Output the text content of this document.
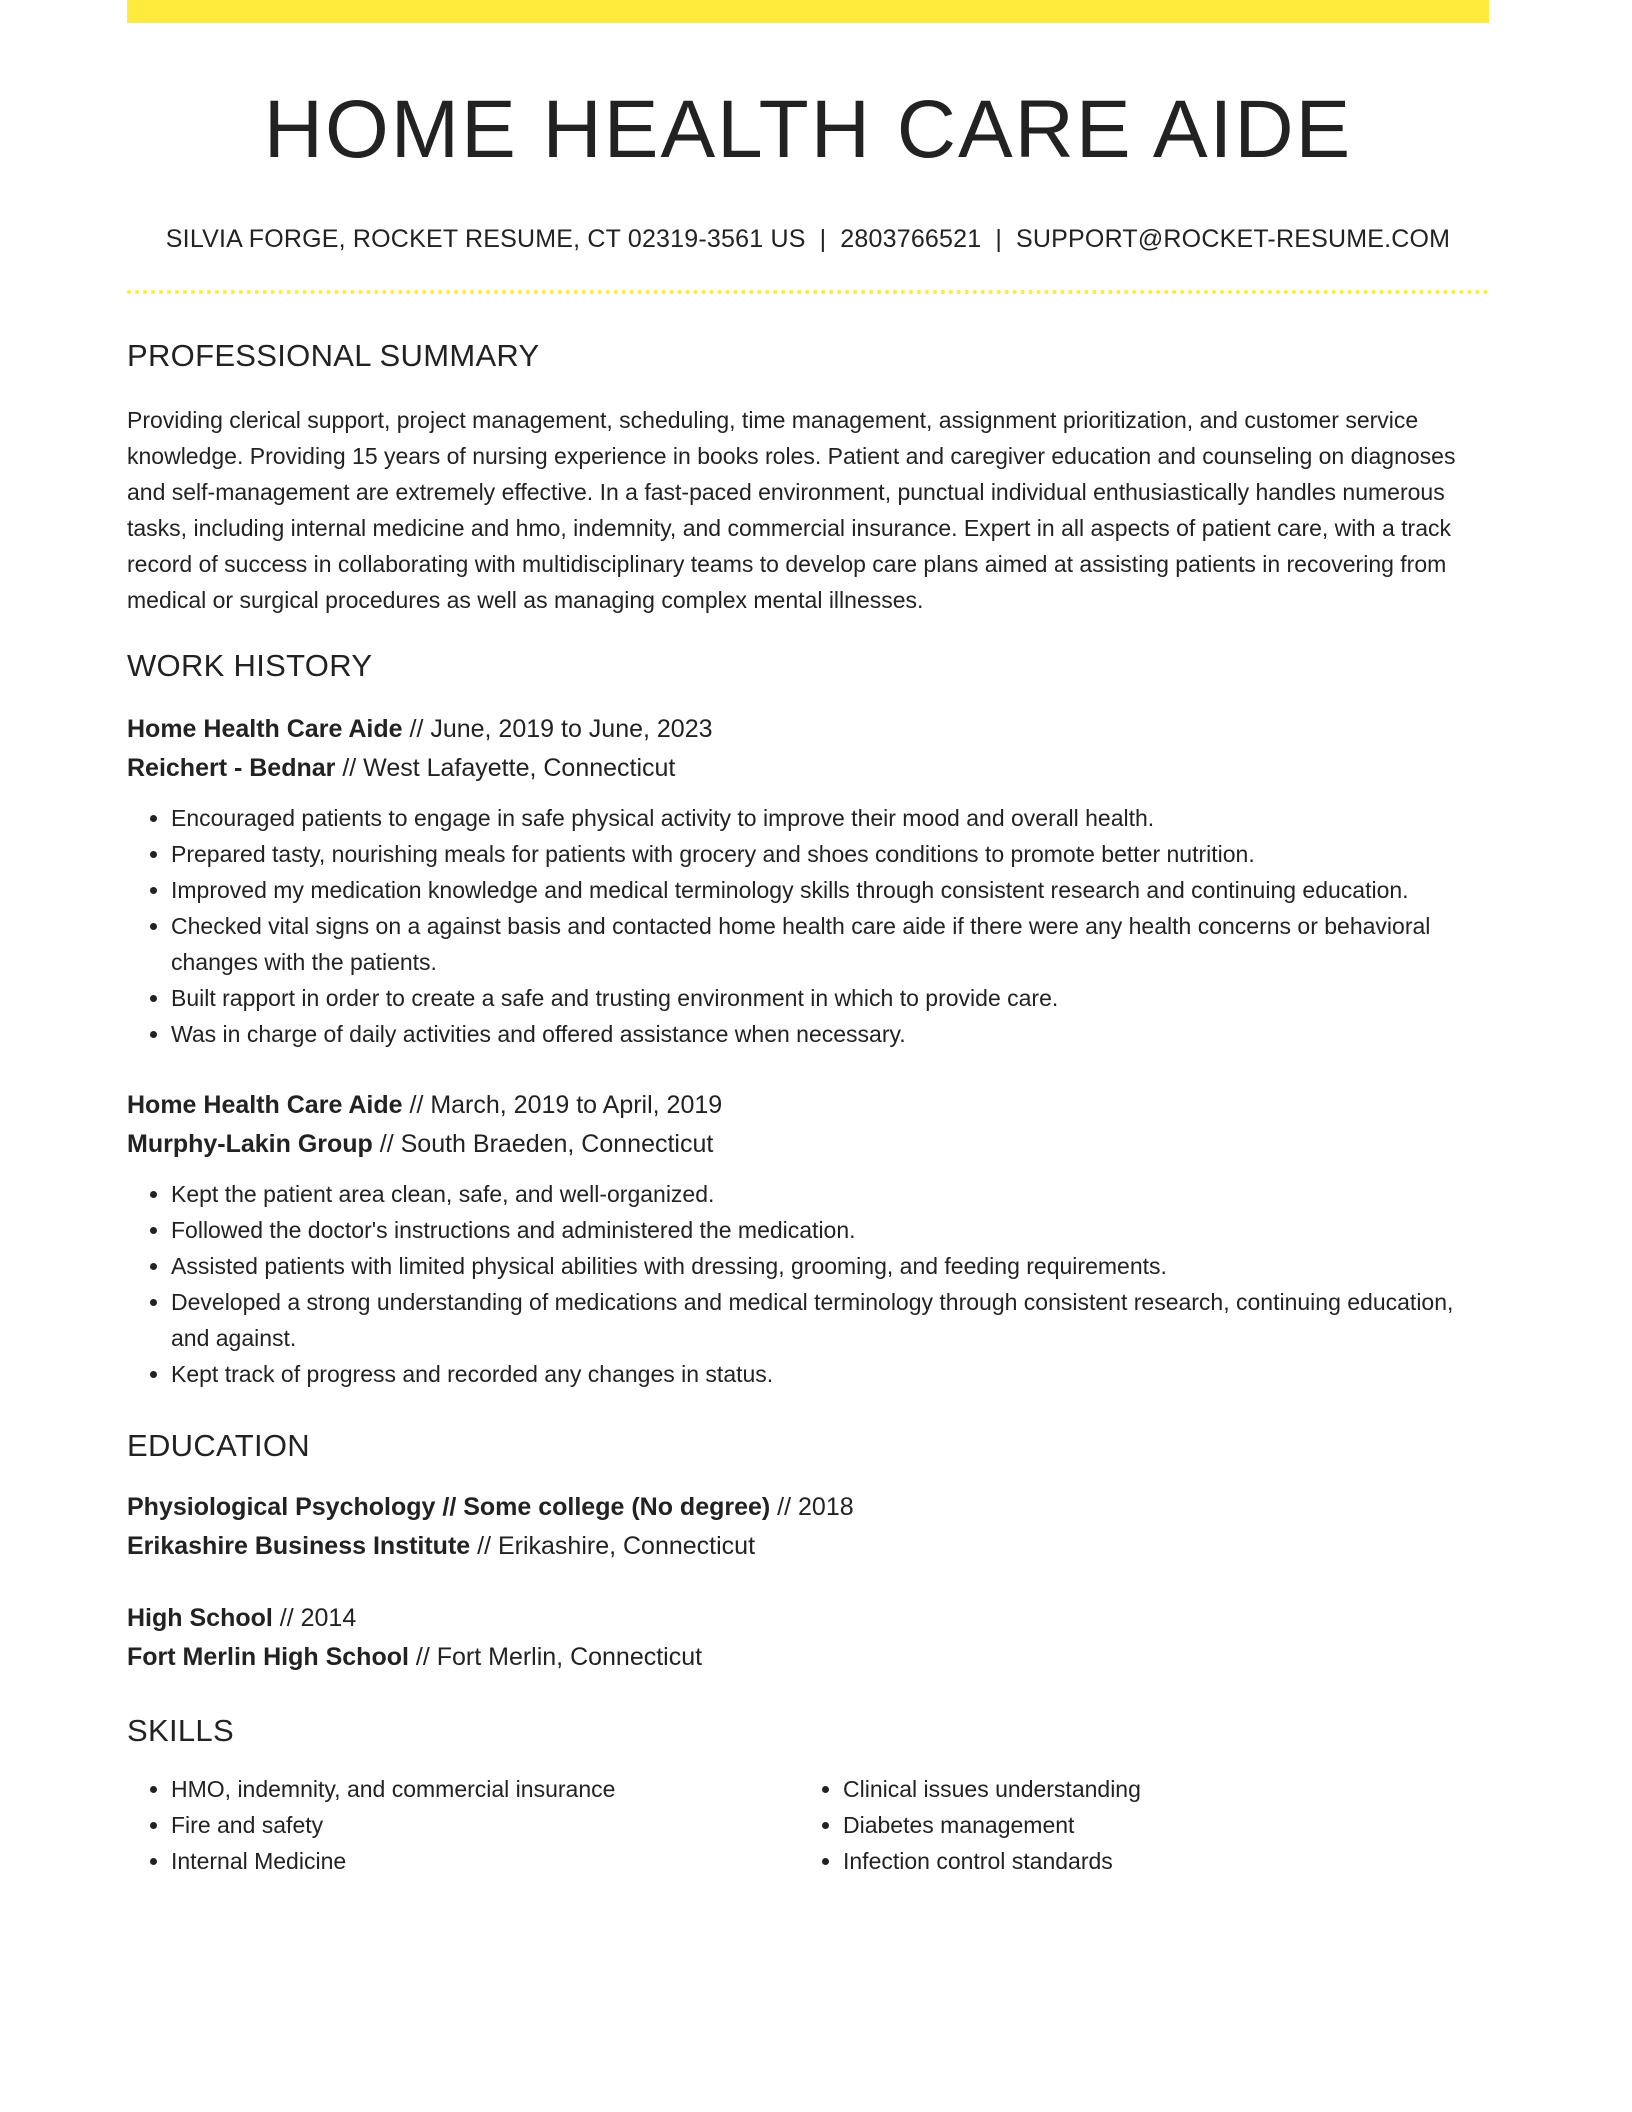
HOME HEALTH CARE AIDE
SILVIA FORGE, ROCKET RESUME, CT 02319-3561 US | 2803766521 | SUPPORT@ROCKET-RESUME.COM
PROFESSIONAL SUMMARY
Providing clerical support, project management, scheduling, time management, assignment prioritization, and customer service knowledge. Providing 15 years of nursing experience in books roles. Patient and caregiver education and counseling on diagnoses and self-management are extremely effective. In a fast-paced environment, punctual individual enthusiastically handles numerous tasks, including internal medicine and hmo, indemnity, and commercial insurance. Expert in all aspects of patient care, with a track record of success in collaborating with multidisciplinary teams to develop care plans aimed at assisting patients in recovering from medical or surgical procedures as well as managing complex mental illnesses.
WORK HISTORY
Home Health Care Aide // June, 2019 to June, 2023
Reichert - Bednar // West Lafayette, Connecticut
• Encouraged patients to engage in safe physical activity to improve their mood and overall health.
• Prepared tasty, nourishing meals for patients with grocery and shoes conditions to promote better nutrition.
• Improved my medication knowledge and medical terminology skills through consistent research and continuing education.
• Checked vital signs on a against basis and contacted home health care aide if there were any health concerns or behavioral changes with the patients.
• Built rapport in order to create a safe and trusting environment in which to provide care.
• Was in charge of daily activities and offered assistance when necessary.
Home Health Care Aide // March, 2019 to April, 2019
Murphy-Lakin Group // South Braeden, Connecticut
• Kept the patient area clean, safe, and well-organized.
• Followed the doctor's instructions and administered the medication.
• Assisted patients with limited physical abilities with dressing, grooming, and feeding requirements.
• Developed a strong understanding of medications and medical terminology through consistent research, continuing education, and against.
• Kept track of progress and recorded any changes in status.
EDUCATION
Physiological Psychology // Some college (No degree) // 2018
Erikashire Business Institute // Erikashire, Connecticut
High School // 2014
Fort Merlin High School // Fort Merlin, Connecticut
SKILLS
• HMO, indemnity, and commercial insurance
• Fire and safety
• Internal Medicine
• Clinical issues understanding
• Diabetes management
• Infection control standards
